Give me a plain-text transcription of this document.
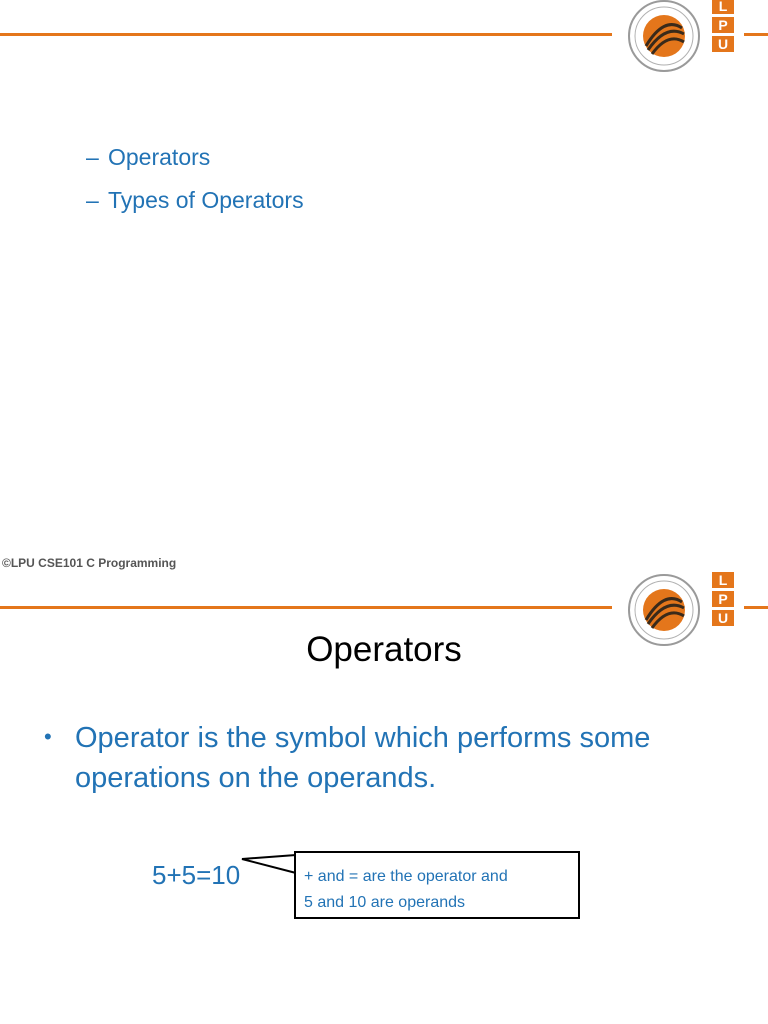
L
P
U
– Operators
– Types of Operators
©LPU CSE101 C Programming
L
P
U
Operators
• Operator is the symbol which performs some
operations on the operands.
5+5=10	+ and = are the operator and
5 and 10 are operands
